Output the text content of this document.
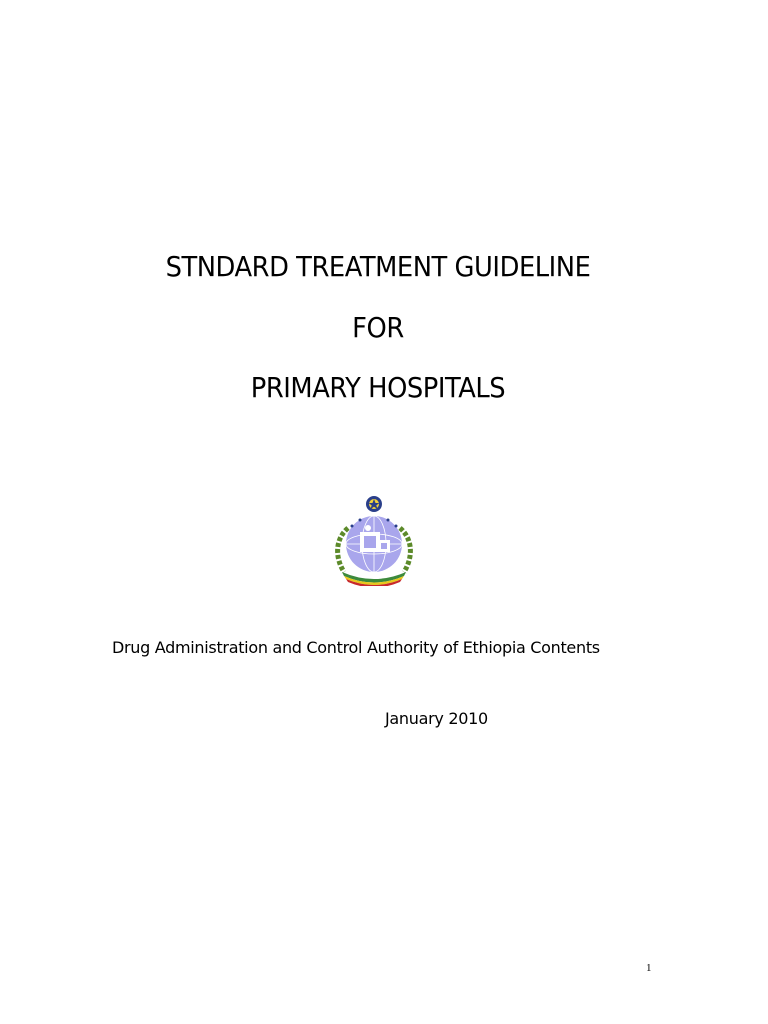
STNDARD TREATMENT GUIDELINE
FOR
PRIMARY HOSPITALS
Drug Administration and Control Authority of Ethiopia Contents
January 2010
1
